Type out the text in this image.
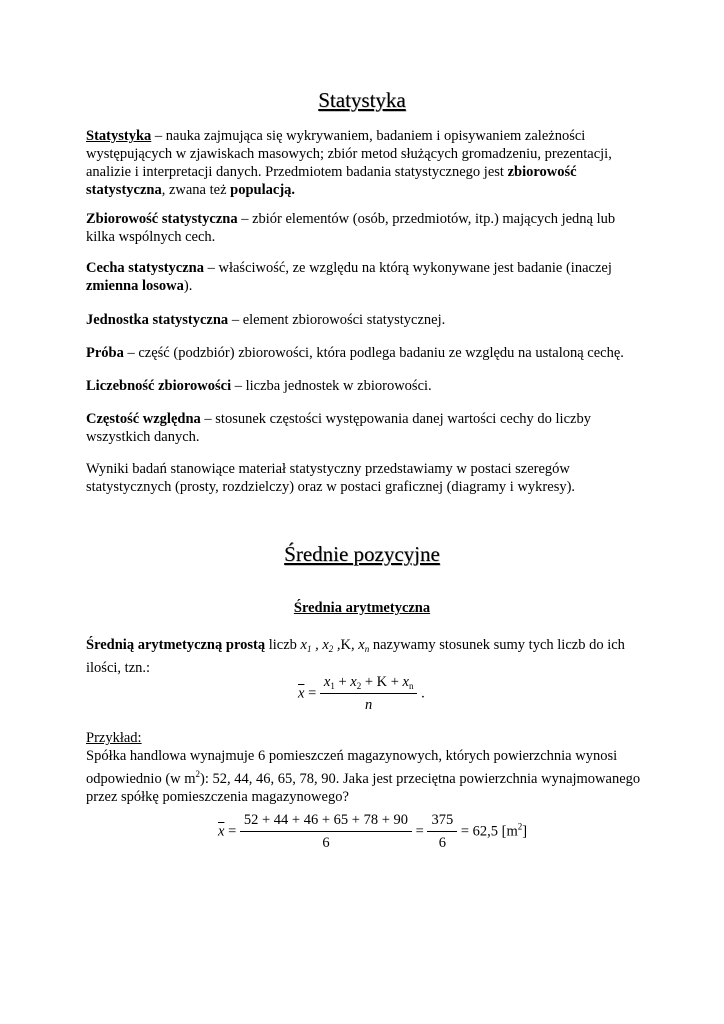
Statystyka
Statystyka – nauka zajmująca się wykrywaniem, badaniem i opisywaniem zależności występujących w zjawiskach masowych; zbiór metod służących gromadzeniu, prezentacji, analizie i interpretacji danych. Przedmiotem badania statystycznego jest zbiorowość statystyczna, zwana też populacją.
Zbiorowość statystyczna – zbiór elementów (osób, przedmiotów, itp.) mających jedną lub kilka wspólnych cech.
Cecha statystyczna – właściwość, ze względu na którą wykonywane jest badanie (inaczej zmienna losowa).
Jednostka statystyczna – element zbiorowości statystycznej.
Próba – część (podzbiór) zbiorowości, która podlega badaniu ze względu na ustaloną cechę.
Liczebność zbiorowości – liczba jednostek w zbiorowości.
Częstość względna – stosunek częstości występowania danej wartości cechy do liczby wszystkich danych.
Wyniki badań stanowiące materiał statystyczny przedstawiamy w postaci szeregów statystycznych (prosty, rozdzielczy) oraz w postaci graficznej (diagramy i wykresy).
Średnie pozycyjne
Średnia arytmetyczna
Średnią arytmetyczną prostą liczb $x_1$ , $x_2$ ,K, $x_n$ nazywamy stosunek sumy tych liczb do ich ilości, tzn.:
$\overline{x} = \frac{x_1 + x_2 + K + x_n}{n}$ .
Przykład:
Spółka handlowa wynajmuje 6 pomieszczeń magazynowych, których powierzchnia wynosi odpowiednio (w $m^2$): 52, 44, 46, 65, 78, 90. Jaka jest przeciętna powierzchnia wynajmowanego przez spółkę pomieszczenia magazynowego?
$\overline{x} = \frac{52 + 44 + 46 + 65 + 78 + 90}{6} = \frac{375}{6} = 62,5$ $[m^2]$
